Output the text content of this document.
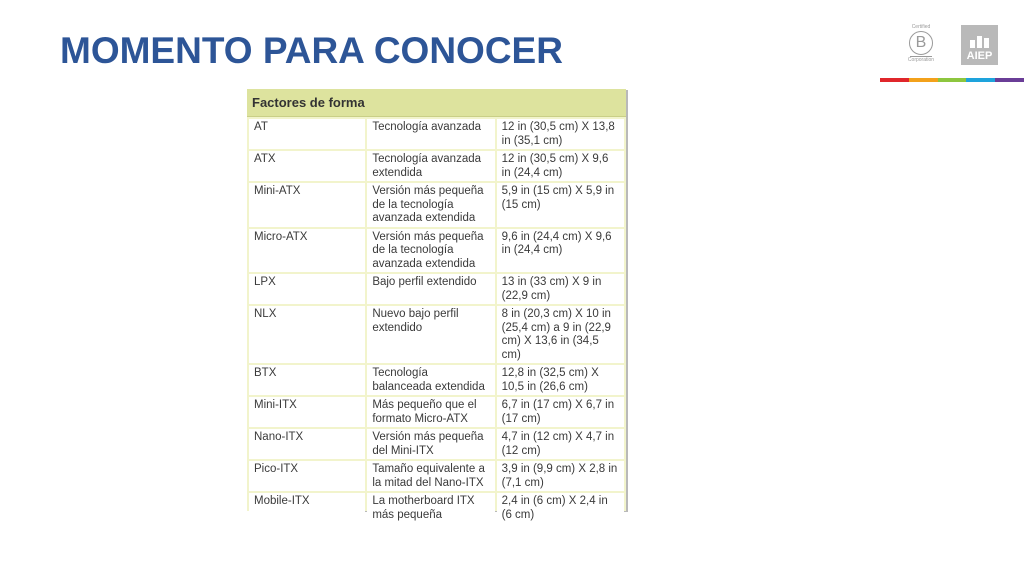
MOMENTO PARA CONOCER
Certified
B
Corporation	AIEP
Factores de forma
AT	Tecnología avanzada	12 in (30,5 cm) X 13,8 in (35,1 cm)
ATX	Tecnología avanzada extendida	12 in (30,5 cm) X 9,6 in (24,4 cm)
Mini-ATX	Versión más pequeña de la tecnología avanzada extendida	5,9 in (15 cm) X 5,9 in (15 cm)
Micro-ATX	Versión más pequeña de la tecnología avanzada extendida	9,6 in (24,4 cm) X 9,6 in (24,4 cm)
LPX	Bajo perfil extendido	13 in (33 cm) X 9 in (22,9 cm)
NLX	Nuevo bajo perfil extendido	8 in (20,3 cm) X 10 in (25,4 cm) a 9 in (22,9 cm) X 13,6 in (34,5 cm)
BTX	Tecnología balanceada extendida	12,8 in (32,5 cm) X 10,5 in (26,6 cm)
Mini-ITX	Más pequeño que el formato Micro-ATX	6,7 in (17 cm) X 6,7 in (17 cm)
Nano-ITX	Versión más pequeña del Mini-ITX	4,7 in (12 cm) X 4,7 in (12 cm)
Pico-ITX	Tamaño equivalente a la mitad del Nano-ITX	3,9 in (9,9 cm) X 2,8 in (7,1 cm)
Mobile-ITX	La motherboard ITX más pequeña	2,4 in (6 cm) X 2,4 in (6 cm)
